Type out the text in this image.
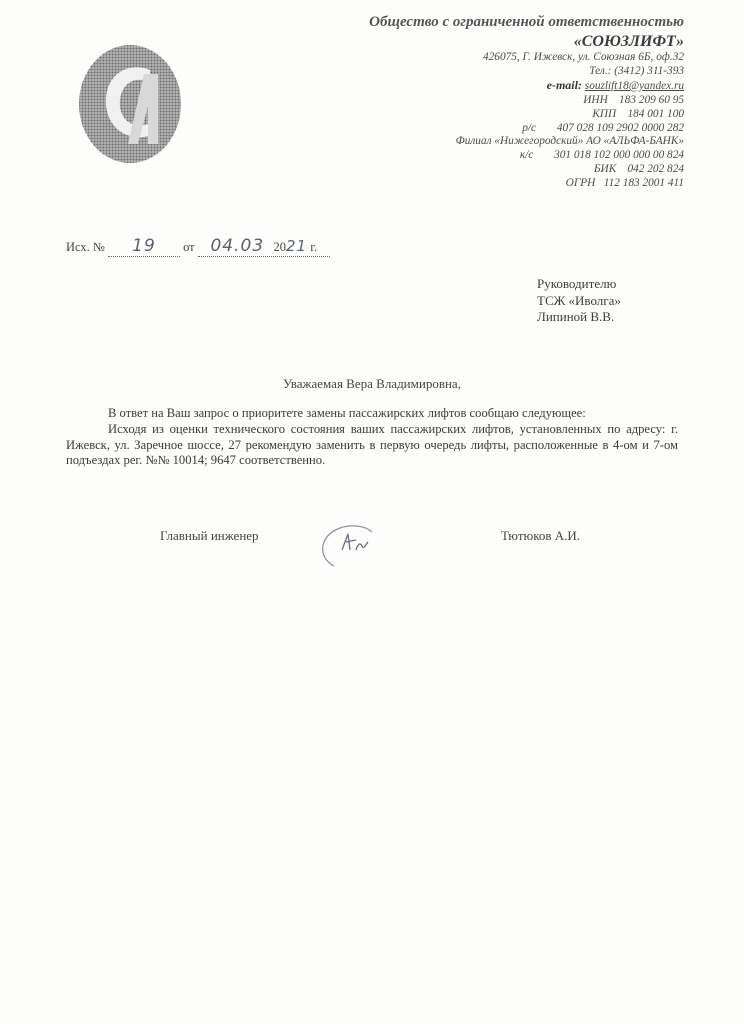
Общество с ограниченной ответственностью
«СОЮЗЛИФТ»
426075, Г. Ижевск, ул. Союзная 6Б, оф.32
Тел.: (3412) 311-393
e-mail: souzlift18@yandex.ru
ИНН    183 209 60 95
КПП    184 001 100
р/с 407 028 109 2902 0000 282
Филиал «Нижегородский» АО «АЛЬФА-БАНК»
к/с 301 018 102 000 000 00 824
БИК    042 202 824
ОГРН   112 183 2001 411
Исх. № 19 от 04.03 2021 г.
Руководителю
ТСЖ «Иволга»
Липиной В.В.
Уважаемая Вера Владимировна,

В ответ на Ваш запрос о приоритете замены пассажирских лифтов сообщаю следующее:

Исходя из оценки технического состояния ваших пассажирских лифтов, установленных по адресу: г. Ижевск, ул. Заречное шоссе, 27 рекомендую заменить в первую очередь лифты, расположенные в 4-ом и 7-ом подъездах рег. №№ 10014; 9647 соответственно.

Главный инженер	Тютюков А.И.
